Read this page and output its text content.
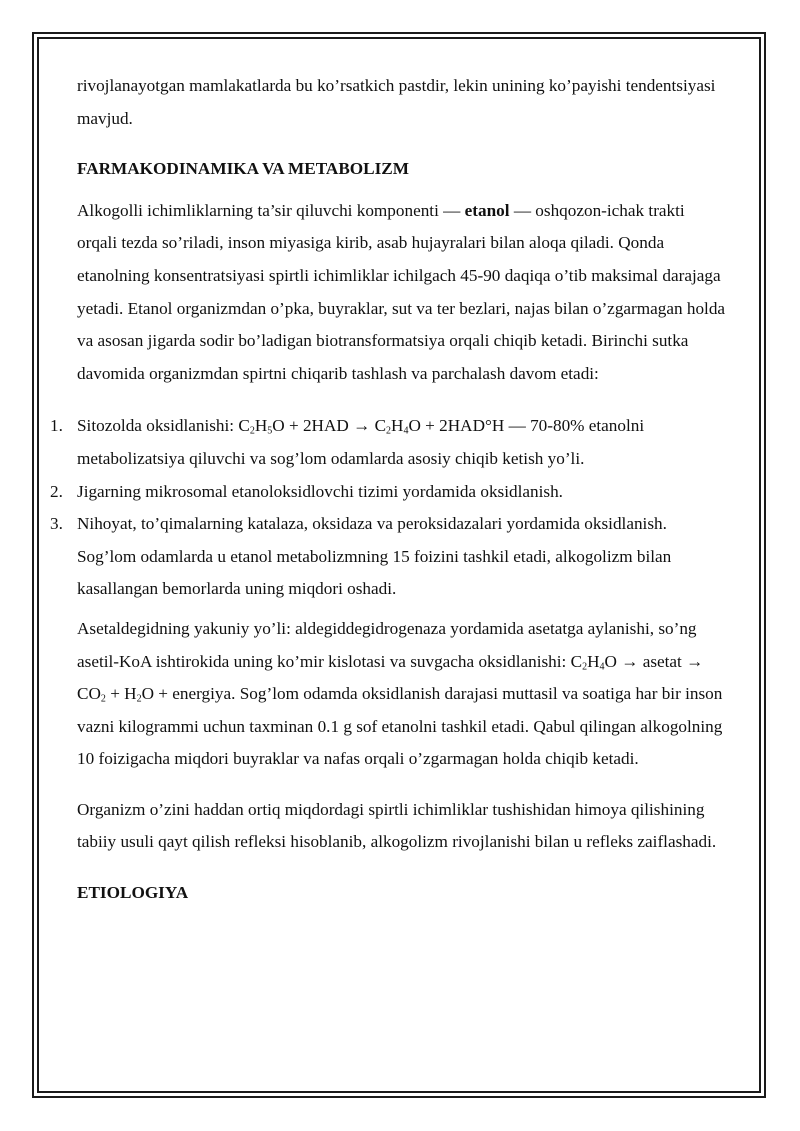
rivojlanayotgan mamlakatlarda bu ko’rsatkich pastdir, lekin unining ko’payishi tendentsiyasi mavjud.

FARMAKODINAMIKA VA METABOLIZM

Alkogolli ichimliklarning ta’sir qiluvchi komponenti — etanol — oshqozon-ichak trakti orqali tezda so’riladi, inson miyasiga kirib, asab hujayralari bilan aloqa qiladi. Qonda etanolning konsentratsiyasi spirtli ichimliklar ichilgach 45-90 daqiqa o’tib maksimal darajaga yetadi. Etanol organizmdan o’pka, buyraklar, sut va ter bezlari, najas bilan o’zgarmagan holda va asosan jigarda sodir bo’ladigan biotransformatsiya orqali chiqib ketadi. Birinchi sutka davomida organizmdan spirtni chiqarib tashlash va parchalash davom etadi:

1. Sitozolda oksidlanishi: $C_2H_5O + 2HAD \to C_2H_4O + 2HAD^\circ H$ — 70-80% etanolni metabolizatsiya qiluvchi va sog’lom odamlarda asosiy chiqib ketish yo’li.
2. Jigarning mikrosomal etanoloksidlovchi tizimi yordamida oksidlanish.
3. Nihoyat, to’qimalarning katalaza, oksidaza va peroksidazalari yordamida oksidlanish. Sog’lom odamlarda u etanol metabolizmning 15 foizini tashkil etadi, alkogolizm bilan kasallangan bemorlarda uning miqdori oshadi.

Asetaldegidning yakuniy yo’li: aldegiddegidrogenaza yordamida asetatga aylanishi, so’ng asetil-KoA ishtirokida uning ko’mir kislotasi va suvgacha oksidlanishi: $C_2H_4O$ → asetat → $CO_2 + H_2O$ + energiya. Sog’lom odamda oksidlanish darajasi muttasil va soatiga har bir inson vazni kilogrammi uchun taxminan 0.1 g sof etanolni tashkil etadi. Qabul qilingan alkogolning 10 foizigacha miqdori buyraklar va nafas orqali o’zgarmagan holda chiqib ketadi.

Organizm o’zini haddan ortiq miqdordagi spirtli ichimliklar tushishidan himoya qilishining tabiiy usuli qayt qilish refleksi hisoblanib, alkogolizm rivojlanishi bilan u refleks zaiflashadi.

ETIOLOGIYA
